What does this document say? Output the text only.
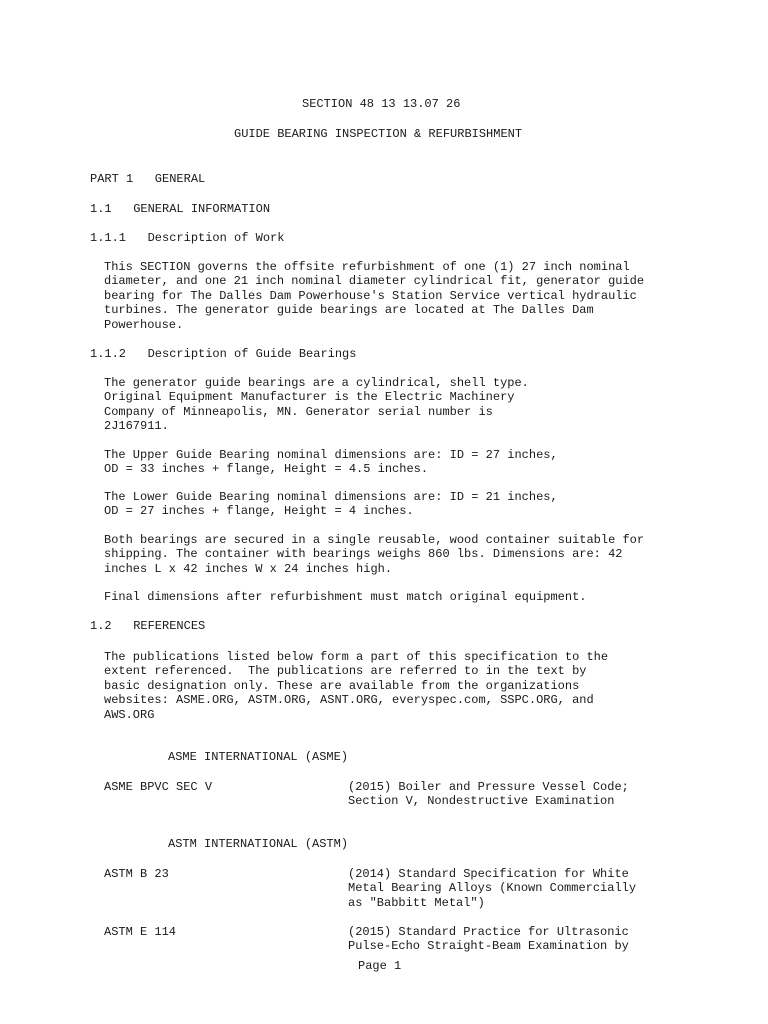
SECTION 48 13 13.07 26
GUIDE BEARING INSPECTION & REFURBISHMENT
PART 1   GENERAL
1.1   GENERAL INFORMATION
1.1.1   Description of Work
This SECTION governs the offsite refurbishment of one (1) 27 inch nominal
diameter, and one 21 inch nominal diameter cylindrical fit, generator guide
bearing for The Dalles Dam Powerhouse's Station Service vertical hydraulic
turbines. The generator guide bearings are located at The Dalles Dam
Powerhouse.
1.1.2   Description of Guide Bearings
The generator guide bearings are a cylindrical, shell type.
Original Equipment Manufacturer is the Electric Machinery
Company of Minneapolis, MN. Generator serial number is
2J167911.
The Upper Guide Bearing nominal dimensions are: ID = 27 inches,
OD = 33 inches + flange, Height = 4.5 inches.
The Lower Guide Bearing nominal dimensions are: ID = 21 inches,
OD = 27 inches + flange, Height = 4 inches.
Both bearings are secured in a single reusable, wood container suitable for
shipping. The container with bearings weighs 860 lbs. Dimensions are: 42
inches L x 42 inches W x 24 inches high.
Final dimensions after refurbishment must match original equipment.
1.2   REFERENCES
The publications listed below form a part of this specification to the
extent referenced.  The publications are referred to in the text by
basic designation only. These are available from the organizations
websites: ASME.ORG, ASTM.ORG, ASNT.ORG, everyspec.com, SSPC.ORG, and
AWS.ORG
ASME INTERNATIONAL (ASME)
ASME BPVC SEC V	(2015) Boiler and Pressure Vessel Code;
Section V, Nondestructive Examination
ASTM INTERNATIONAL (ASTM)
ASTM B 23	(2014) Standard Specification for White
Metal Bearing Alloys (Known Commercially
as "Babbitt Metal")
ASTM E 114	(2015) Standard Practice for Ultrasonic
Pulse-Echo Straight-Beam Examination by
Page 1
